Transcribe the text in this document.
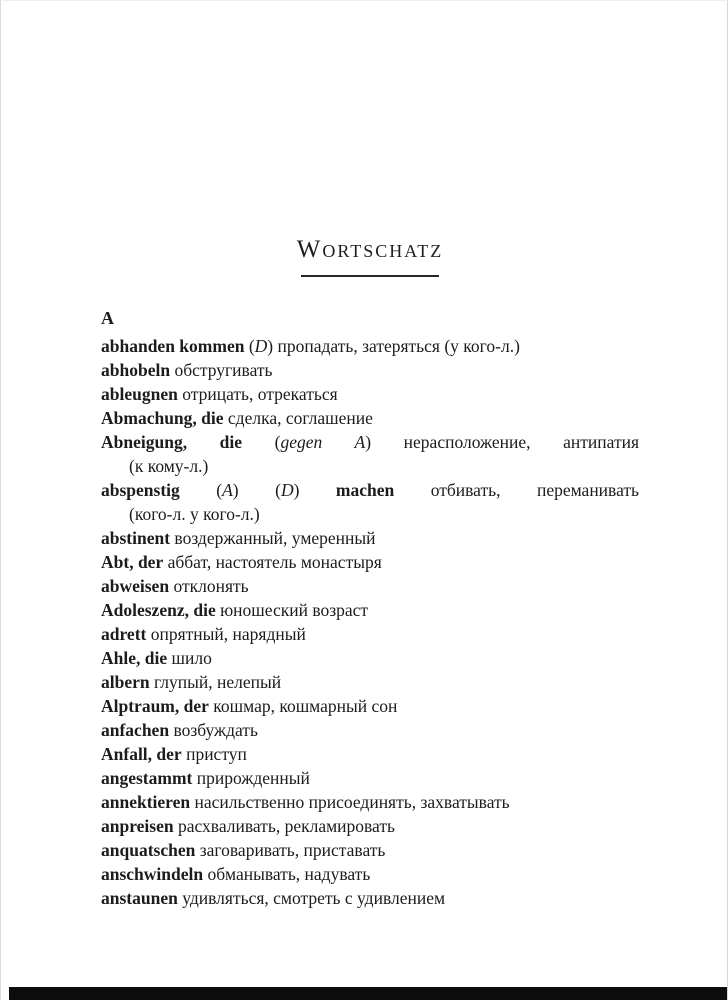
Wortschatz
A
abhanden kommen (D) пропадать, затеряться (у кого-л.)
abhobeln обстругивать
ableugnen отрицать, отрекаться
Abmachung, die сделка, соглашение
Abneigung, die (gegen A) нерасположение, антипатия
(к кому-л.)
abspenstig (A) (D) machen отбивать, переманивать
(кого-л. у кого-л.)
abstinent воздержанный, умеренный
Abt, der аббат, настоятель монастыря
abweisen отклонять
Adoleszenz, die юношеский возраст
adrett опрятный, нарядный
Ahle, die шило
albern глупый, нелепый
Alptraum, der кошмар, кошмарный сон
anfachen возбуждать
Anfall, der приступ
angestammt прирожденный
annektieren насильственно присоединять, захватывать
anpreisen расхваливать, рекламировать
anquatschen заговаривать, приставать
anschwindeln обманывать, надувать
anstaunen удивляться, смотреть с удивлением
